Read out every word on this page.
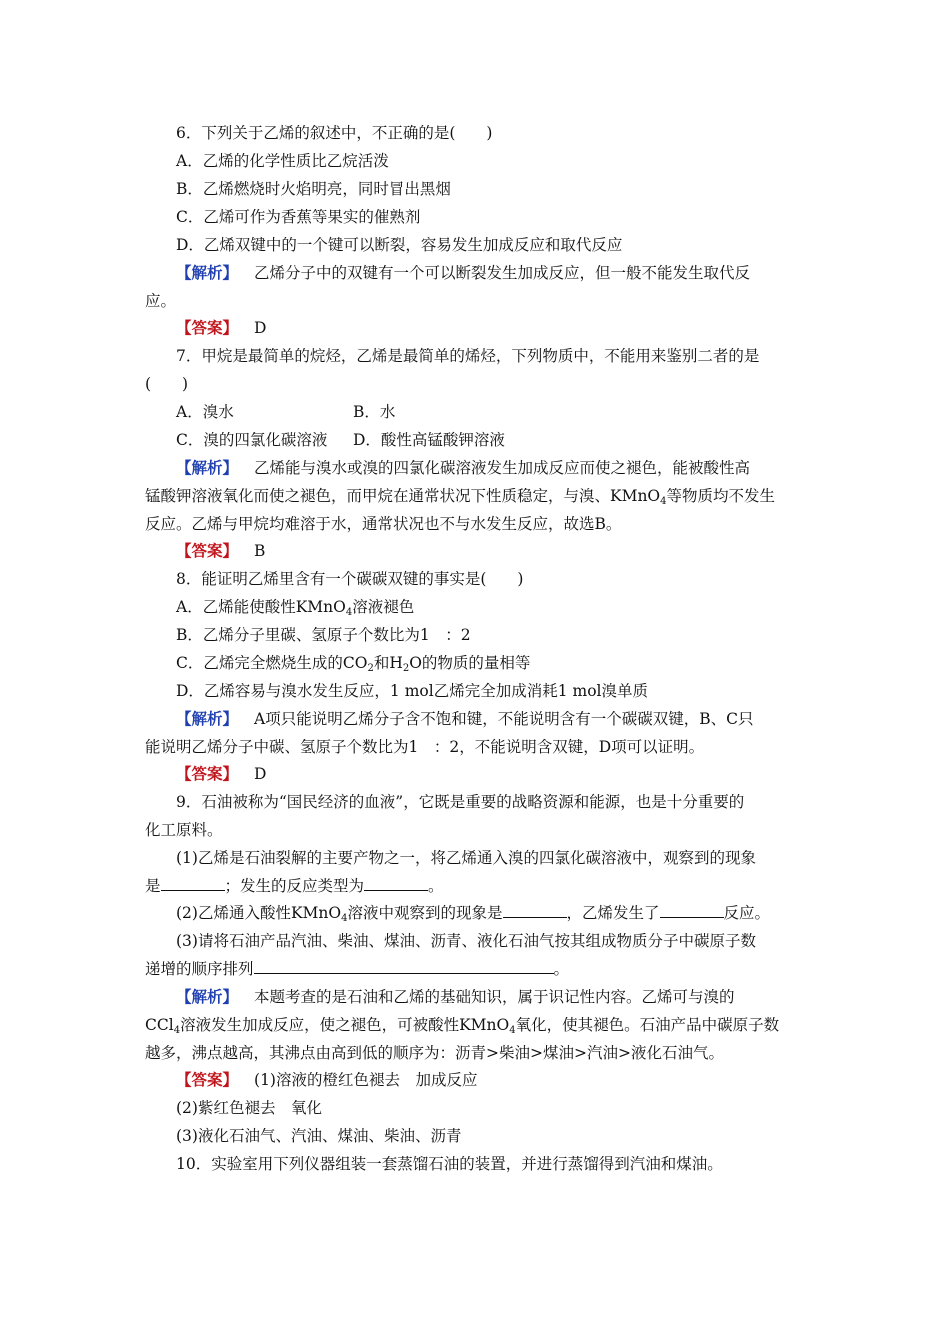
6．下列关于乙烯的叙述中，不正确的是(　　)
A．乙烯的化学性质比乙烷活泼
B．乙烯燃烧时火焰明亮，同时冒出黑烟
C．乙烯可作为香蕉等果实的催熟剂
D．乙烯双键中的一个键可以断裂，容易发生加成反应和取代反应
【解析】 乙烯分子中的双键有一个可以断裂发生加成反应，但一般不能发生取代反
应。
【答案】 D
7．甲烷是最简单的烷烃，乙烯是最简单的烯烃，下列物质中，不能用来鉴别二者的是
(　　)
A．溴水	B．水
C．溴的四氯化碳溶液 D．酸性高锰酸钾溶液
【解析】 乙烯能与溴水或溴的四氯化碳溶液发生加成反应而使之褪色，能被酸性高
锰酸钾溶液氧化而使之褪色，而甲烷在通常状况下性质稳定，与溴、KMnO$_4$等物质均不发生
反应。乙烯与甲烷均难溶于水，通常状况也不与水发生反应，故选B。
【答案】 B
8．能证明乙烯里含有一个碳碳双键的事实是(　　)
A．乙烯能使酸性KMnO$_4$溶液褪色
B．乙烯分子里碳、氢原子个数比为1　：2
C．乙烯完全燃烧生成的$CO_2$和$H_2O$的物质的量相等
D．乙烯容易与溴水发生反应，1 mol乙烯完全加成消耗1 mol溴单质
【解析】 A项只能说明乙烯分子含不饱和键，不能说明含有一个碳碳双键，B、C只
能说明乙烯分子中碳、氢原子个数比为1　：2，不能说明含双键，D项可以证明。
【答案】 D
9．石油被称为“国民经济的血液”，它既是重要的战略资源和能源，也是十分重要的
化工原料。
(1)乙烯是石油裂解的主要产物之一，将乙烯通入溴的四氯化碳溶液中，观察到的现象
是	；发生的反应类型为	。
(2)乙烯通入酸性KMnO$_4$溶液中观察到的现象是	，乙烯发生了	反应。
(3)请将石油产品汽油、柴油、煤油、沥青、液化石油气按其组成物质分子中碳原子数
递增的顺序排列	。
【解析】 本题考查的是石油和乙烯的基础知识，属于识记性内容。乙烯可与溴的
CCl$_4$溶液发生加成反应，使之褪色，可被酸性KMnO$_4$氧化，使其褪色。石油产品中碳原子数
越多，沸点越高，其沸点由高到低的顺序为：沥青>柴油>煤油>汽油>液化石油气。
【答案】 (1)溶液的橙红色褪去　加成反应
(2)紫红色褪去　氧化
(3)液化石油气、汽油、煤油、柴油、沥青
10．实验室用下列仪器组装一套蒸馏石油的装置，并进行蒸馏得到汽油和煤油。
